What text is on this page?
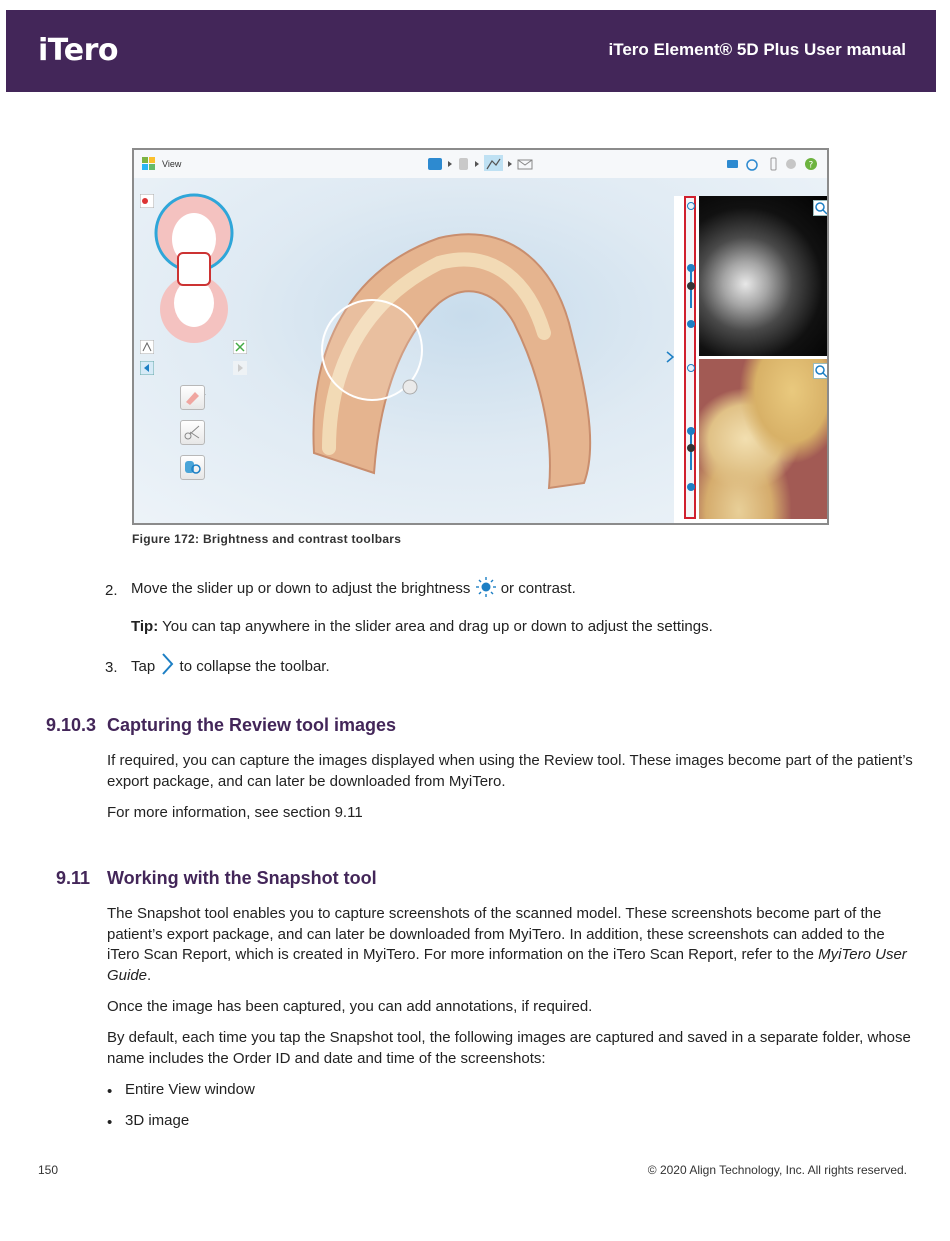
iTero	iTero Element® 5D Plus User manual
View	?
Figure 172: Brightness and contrast toolbars
2. Move the slider up or down to adjust the brightness or contrast.
Tip: You can tap anywhere in the slider area and drag up or down to adjust the settings.
3. Tap to collapse the toolbar.
9.10.3 Capturing the Review tool images
If required, you can capture the images displayed when using the Review tool. These images become part of the patient’s export package, and can later be downloaded from MyiTero.
For more information, see section 9.11
9.11 Working with the Snapshot tool
The Snapshot tool enables you to capture screenshots of the scanned model. These screenshots become part of the patient’s export package, and can later be downloaded from MyiTero. In addition, these screenshots can added to the iTero Scan Report, which is created in MyiTero. For more information on the iTero Scan Report, refer to the MyiTero User Guide.
Once the image has been captured, you can add annotations, if required.
By default, each time you tap the Snapshot tool, the following images are captured and saved in a separate folder, whose name includes the Order ID and date and time of the screenshots:
• Entire View window
• 3D image
150	© 2020 Align Technology, Inc. All rights reserved.
